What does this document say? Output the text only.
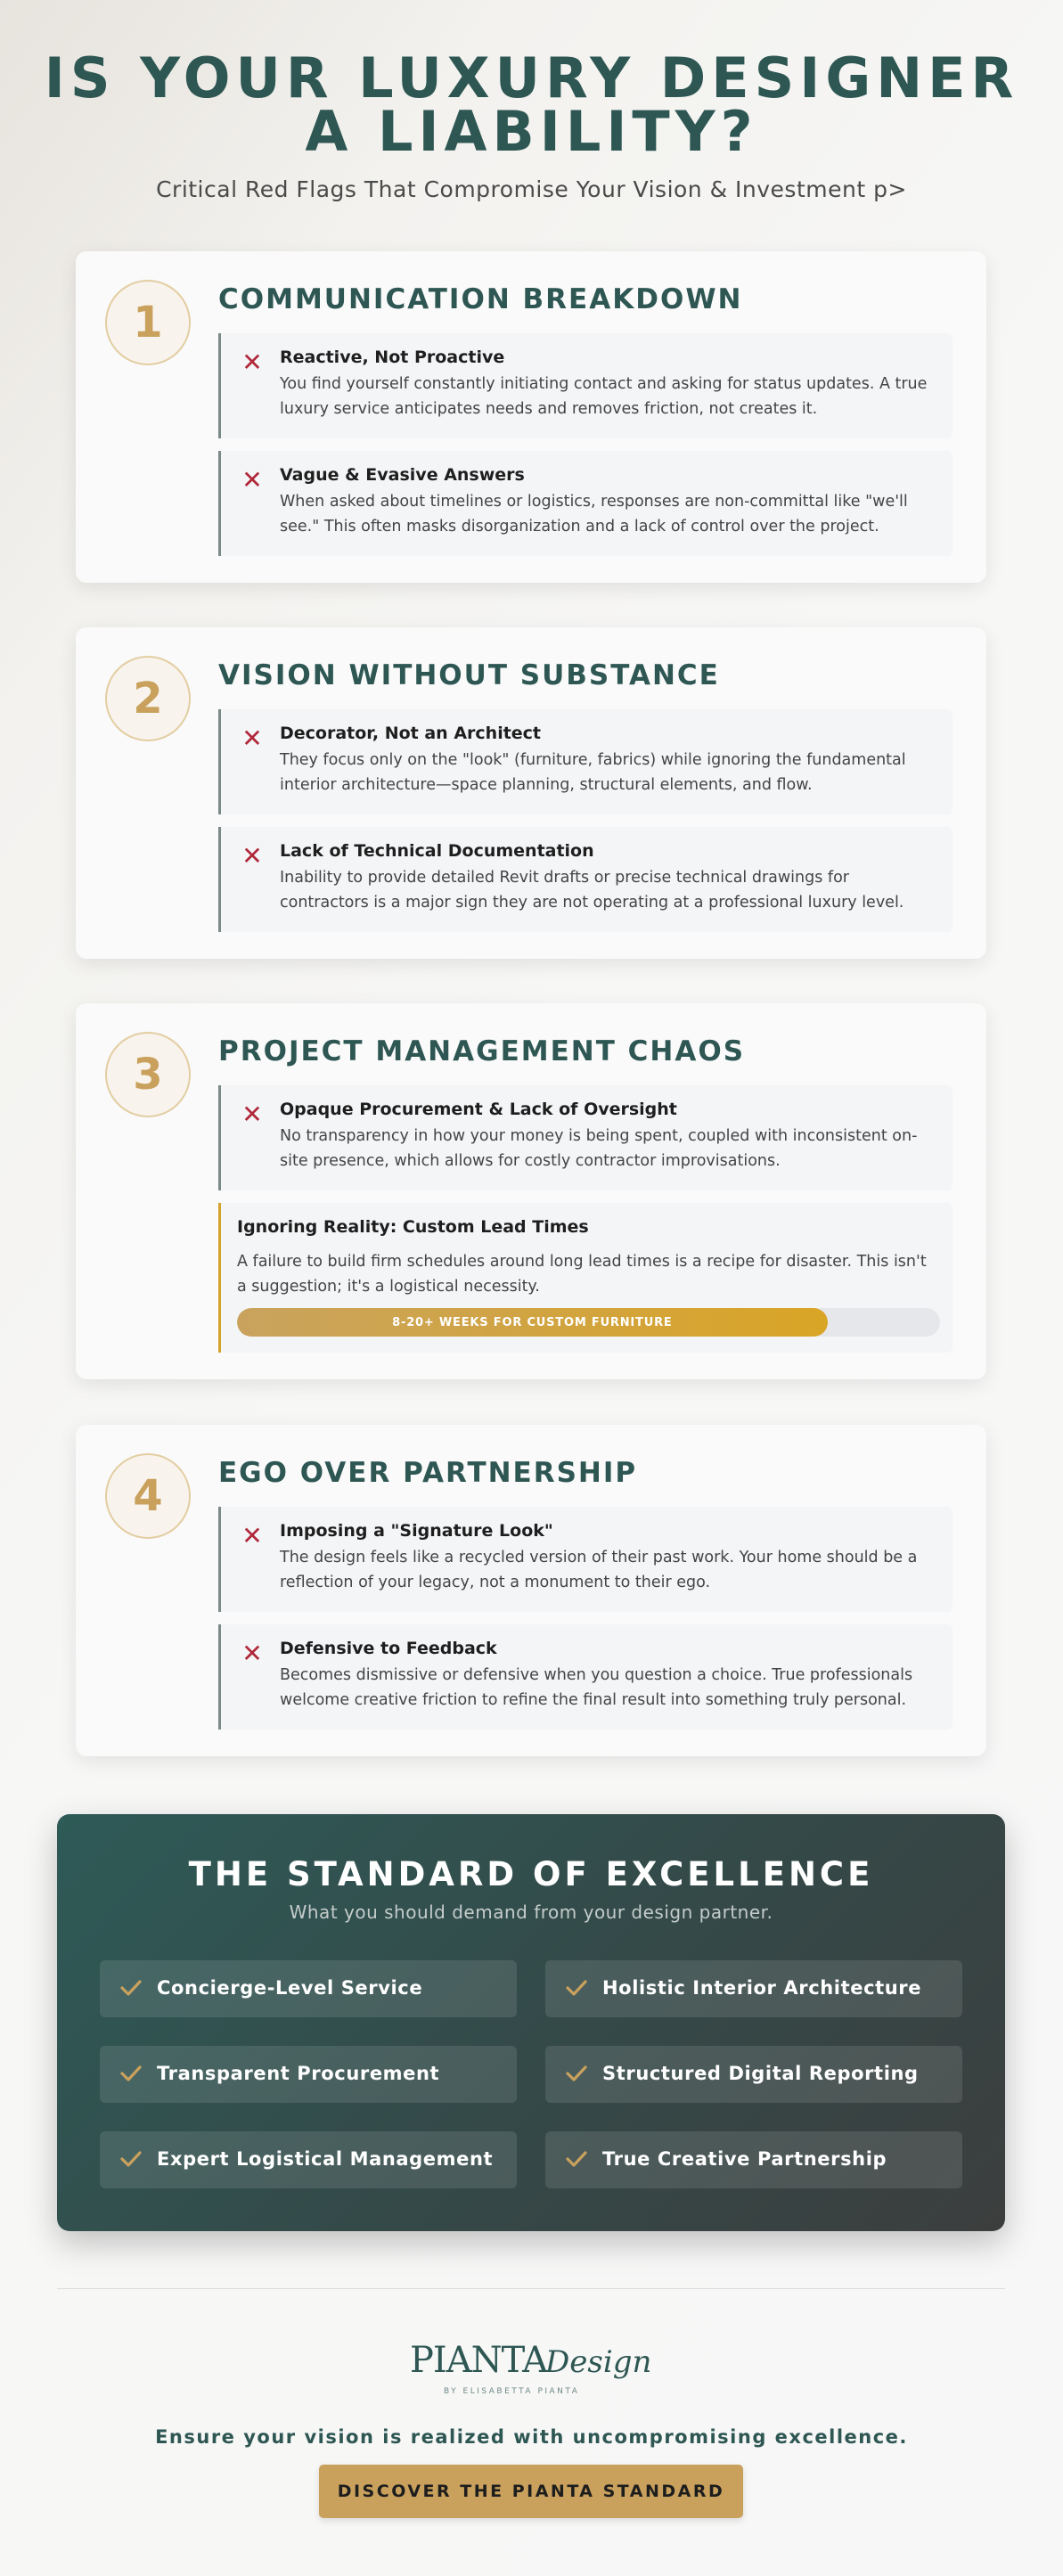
IS YOUR LUXURY DESIGNER
A LIABILITY?
Critical Red Flags That Compromise Your Vision & Investment p>
1	COMMUNICATION BREAKDOWN
✕ Reactive, Not Proactive
You find yourself constantly initiating contact and asking for status updates. A true luxury service anticipates needs and removes friction, not creates it.
✕ Vague & Evasive Answers
When asked about timelines or logistics, responses are non-committal like "we'll see." This often masks disorganization and a lack of control over the project.
2	VISION WITHOUT SUBSTANCE
✕ Decorator, Not an Architect
They focus only on the "look" (furniture, fabrics) while ignoring the fundamental interior architecture—space planning, structural elements, and flow.
✕ Lack of Technical Documentation
Inability to provide detailed Revit drafts or precise technical drawings for contractors is a major sign they are not operating at a professional luxury level.
3	PROJECT MANAGEMENT CHAOS
✕ Opaque Procurement & Lack of Oversight
No transparency in how your money is being spent, coupled with inconsistent on-site presence, which allows for costly contractor improvisations.
Ignoring Reality: Custom Lead Times
A failure to build firm schedules around long lead times is a recipe for disaster. This isn't a suggestion; it's a logistical necessity.
8-20+ WEEKS FOR CUSTOM FURNITURE
4	EGO OVER PARTNERSHIP
✕ Imposing a "Signature Look"
The design feels like a recycled version of their past work. Your home should be a reflection of your legacy, not a monument to their ego.
✕ Defensive to Feedback
Becomes dismissive or defensive when you question a choice. True professionals welcome creative friction to refine the final result into something truly personal.
THE STANDARD OF EXCELLENCE
What you should demand from your design partner.
Concierge-Level Service	Holistic Interior Architecture
Transparent Procurement	Structured Digital Reporting
Expert Logistical Management	True Creative Partnership
PIANTA
Design
BY ELISABETTA PIANTA
Ensure your vision is realized with uncompromising excellence.
DISCOVER THE PIANTA STANDARD
